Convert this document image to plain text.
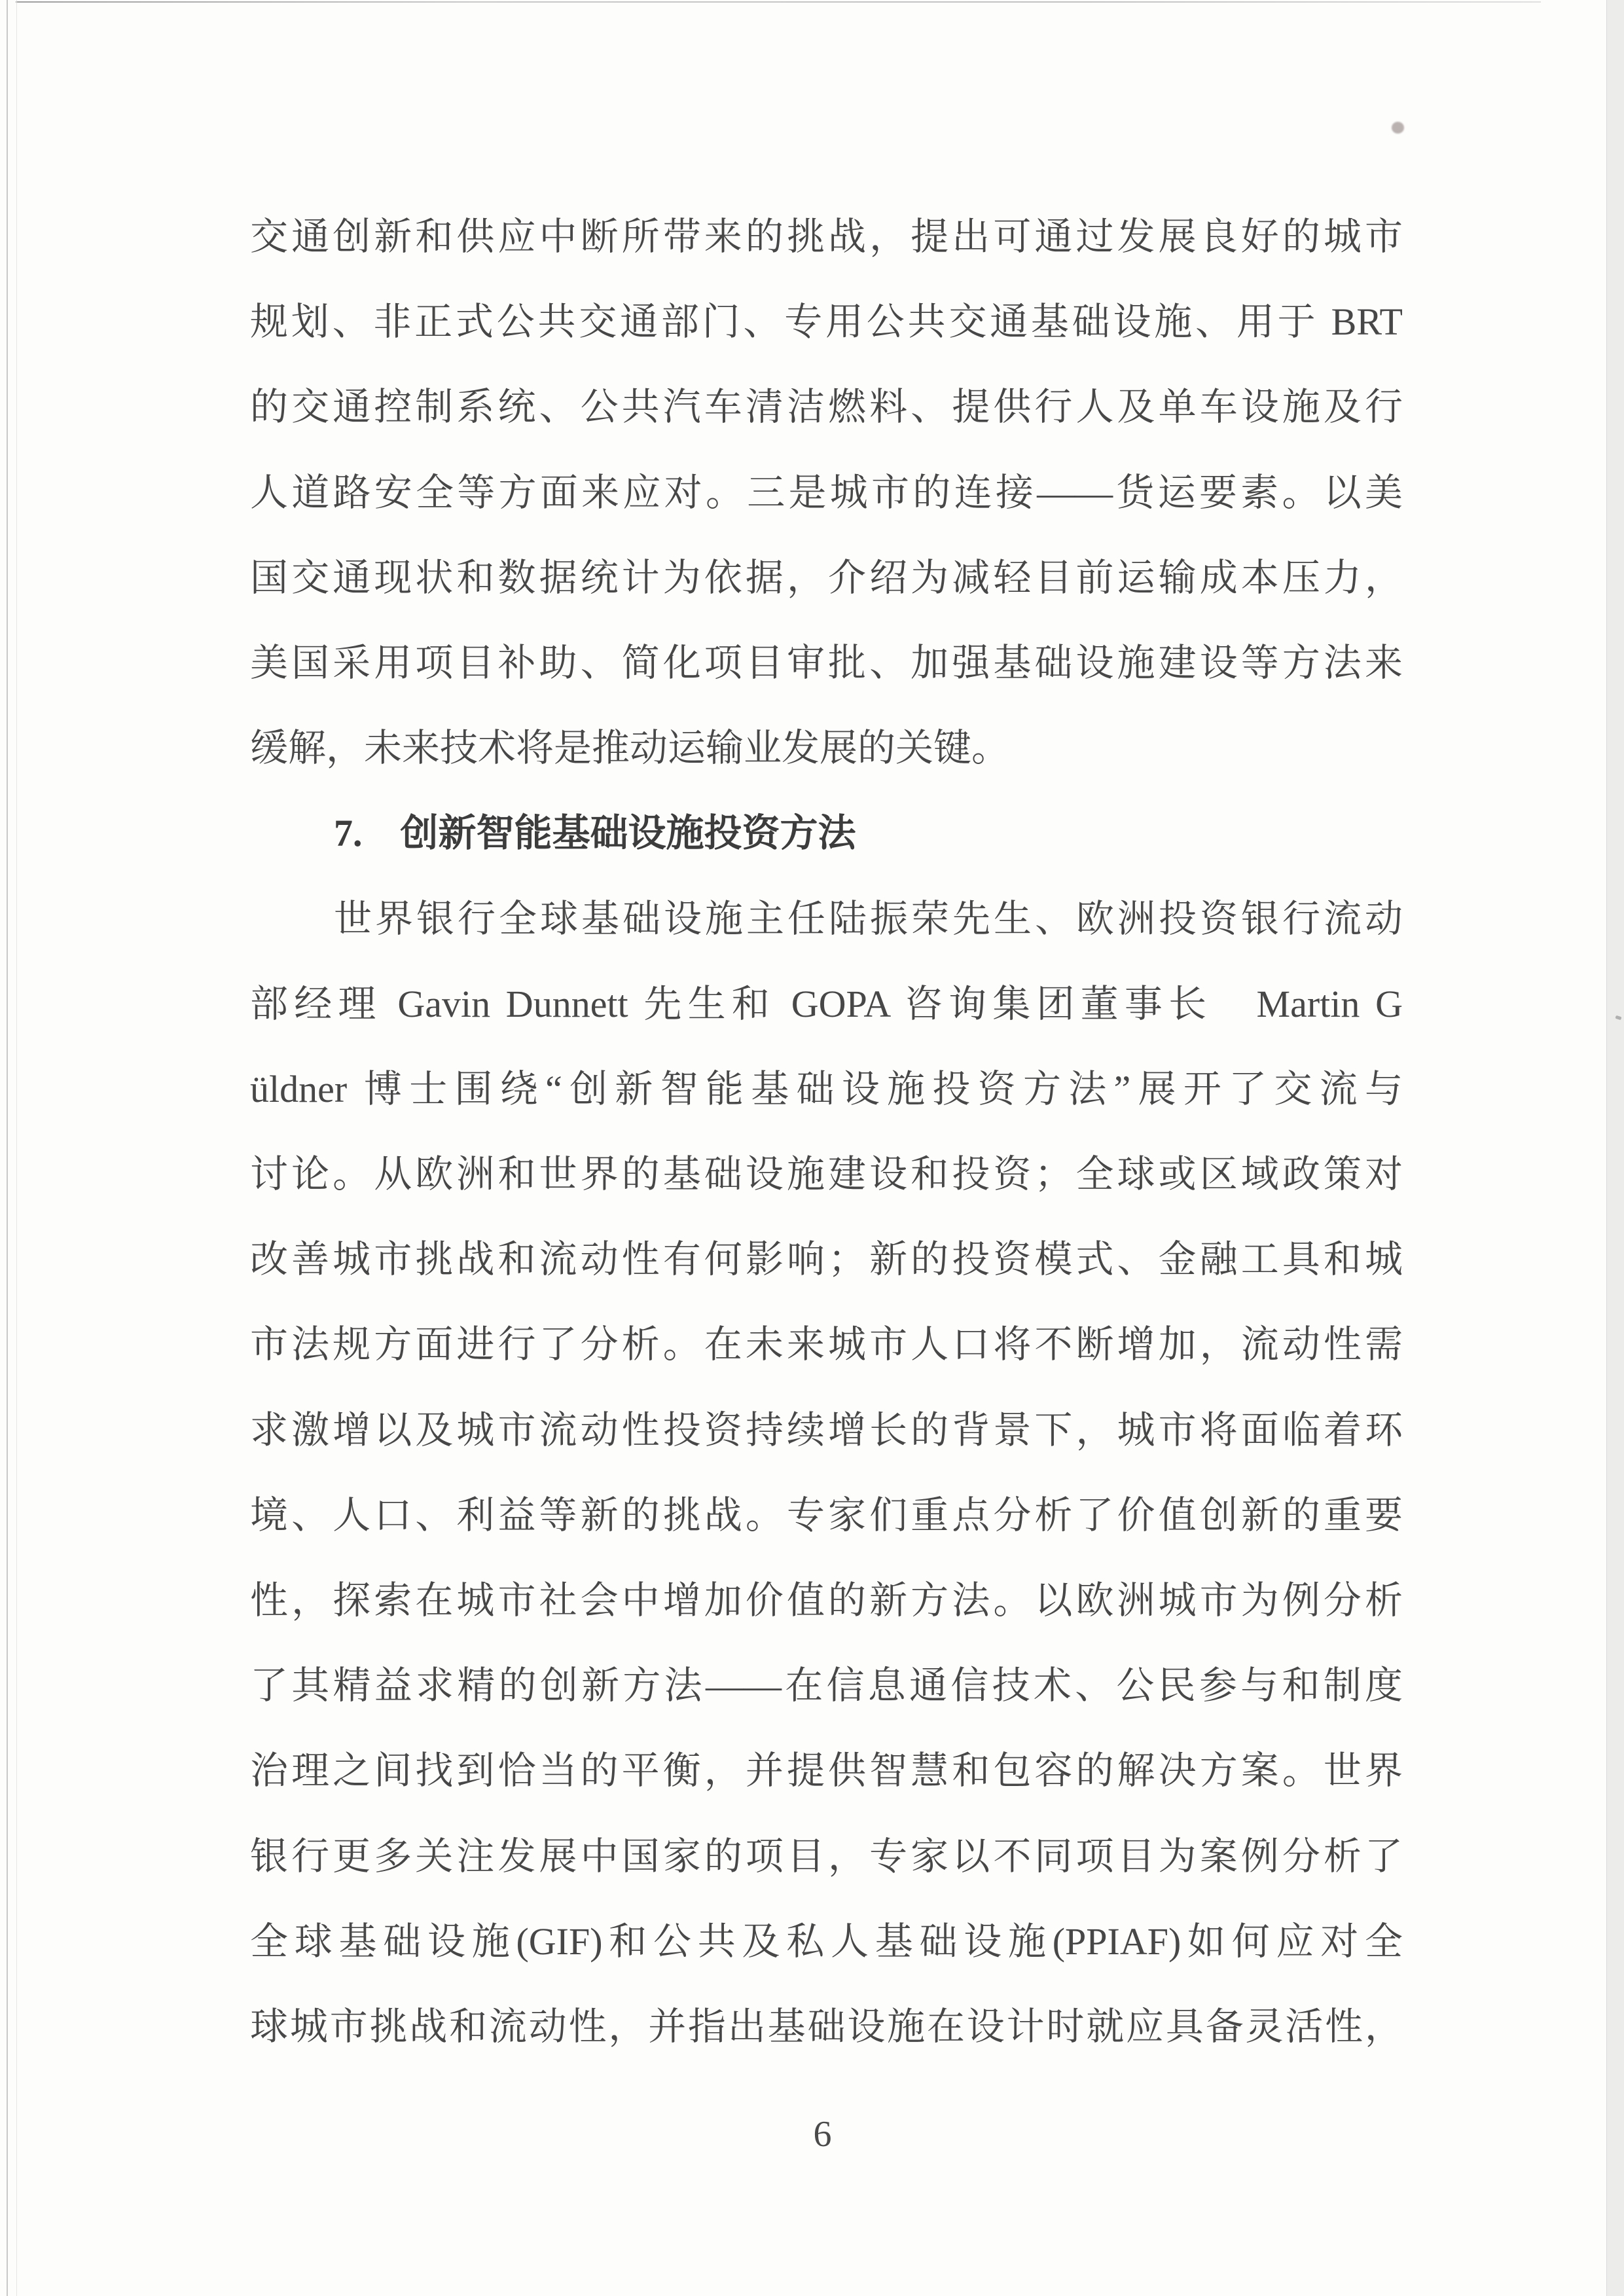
交通创新和供应中断所带来的挑战，提出可通过发展良好的城市
规划、非正式公共交通部门、专用公共交通基础设施、用于 BRT
的交通控制系统、公共汽车清洁燃料、提供行人及单车设施及行
人道路安全等方面来应对。三是城市的连接——货运要素。以美
国交通现状和数据统计为依据，介绍为减轻目前运输成本压力，
美国采用项目补助、简化项目审批、加强基础设施建设等方法来
缓解，未来技术将是推动运输业发展的关键。
7.　创新智能基础设施投资方法
世界银行全球基础设施主任陆振荣先生、欧洲投资银行流动
部经理 Gavin Dunnett 先生和 GOPA 咨询集团董事长　Martin G
üldner 博士围绕“创新智能基础设施投资方法”展开了交流与
讨论。从欧洲和世界的基础设施建设和投资；全球或区域政策对
改善城市挑战和流动性有何影响；新的投资模式、金融工具和城
市法规方面进行了分析。在未来城市人口将不断增加，流动性需
求激增以及城市流动性投资持续增长的背景下，城市将面临着环
境、人口、利益等新的挑战。专家们重点分析了价值创新的重要
性，探索在城市社会中增加价值的新方法。以欧洲城市为例分析
了其精益求精的创新方法——在信息通信技术、公民参与和制度
治理之间找到恰当的平衡，并提供智慧和包容的解决方案。世界
银行更多关注发展中国家的项目，专家以不同项目为案例分析了
全球基础设施(GIF)和公共及私人基础设施(PPIAF)如何应对全
球城市挑战和流动性，并指出基础设施在设计时就应具备灵活性，
6
